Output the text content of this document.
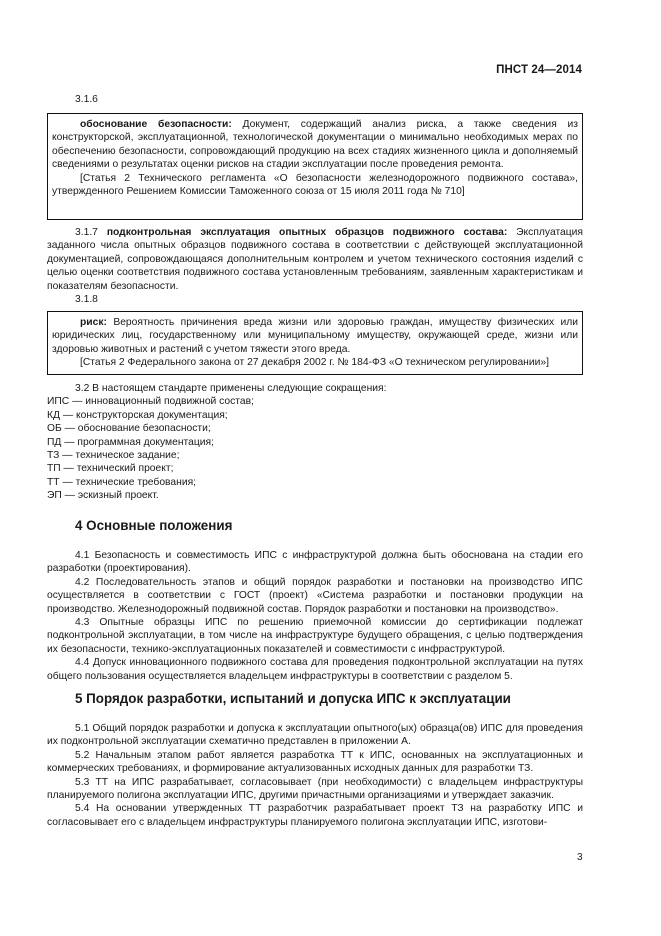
ПНСТ 24—2014

3.1.6

обоснование безопасности: Документ, содержащий анализ риска, а также сведения из конструкторской, эксплуатационной, технологической документации о минимально необходимых мерах по обеспечению безопасности, сопровождающий продукцию на всех стадиях жизненного цикла и дополняемый сведениями о результатах оценки рисков на стадии эксплуатации после проведения ремонта.

[Статья 2 Технического регламента «О безопасности железнодорожного подвижного состава», утвержденного Решением Комиссии Таможенного союза от 15 июля 2011 года № 710]

3.1.7 подконтрольная эксплуатация опытных образцов подвижного состава: Эксплуатация заданного числа опытных образцов подвижного состава в соответствии с действующей эксплуатационной документацией, сопровождающаяся дополнительным контролем и учетом технического состояния изделий с целью оценки соответствия подвижного состава установленным требованиям, заявленным характеристикам и показателям безопасности.

3.1.8

риск: Вероятность причинения вреда жизни или здоровью граждан, имуществу физических или юридических лиц, государственному или муниципальному имуществу, окружающей среде, жизни или здоровью животных и растений с учетом тяжести этого вреда.

[Статья 2 Федерального закона от 27 декабря 2002 г. № 184-ФЗ «О техническом регулировании»]

3.2 В настоящем стандарте применены следующие сокращения:

ИПС — инновационный подвижной состав;

КД — конструкторская документация;

ОБ — обоснование безопасности;

ПД — программная документация;

ТЗ — техническое задание;

ТП — технический проект;

ТТ — технические требования;

ЭП — эскизный проект.

4 Основные положения

4.1 Безопасность и совместимость ИПС с инфраструктурой должна быть обоснована на стадии его разработки (проектирования).

4.2 Последовательность этапов и общий порядок разработки и постановки на производство ИПС осуществляется в соответствии с ГОСТ (проект) «Система разработки и постановки продукции на производство. Железнодорожный подвижной состав. Порядок разработки и постановки на производство».

4.3 Опытные образцы ИПС по решению приемочной комиссии до сертификации подлежат подконтрольной эксплуатации, в том числе на инфраструктуре будущего обращения, с целью подтверждения их безопасности, технико-эксплуатационных показателей и совместимости с инфраструктурой.

4.4 Допуск инновационного подвижного состава для проведения подконтрольной эксплуатации на путях общего пользования осуществляется владельцем инфраструктуры в соответствии с разделом 5.

5 Порядок разработки, испытаний и допуска ИПС к эксплуатации

5.1 Общий порядок разработки и допуска к эксплуатации опытного(ых) образца(ов) ИПС для проведения их подконтрольной эксплуатации схематично представлен в приложении А.

5.2 Начальным этапом работ является разработка ТТ к ИПС, основанных на эксплуатационных и коммерческих требованиях, и формирование актуализованных исходных данных для разработки ТЗ.

5.3 ТТ на ИПС разрабатывает, согласовывает (при необходимости) с владельцем инфраструктуры планируемого полигона эксплуатации ИПС, другими причастными организациями и утверждает заказчик.

5.4 На основании утвержденных ТТ разработчик разрабатывает проект ТЗ на разработку ИПС и согласовывает его с владельцем инфраструктуры планируемого полигона эксплуатации ИПС, изготови-

3
